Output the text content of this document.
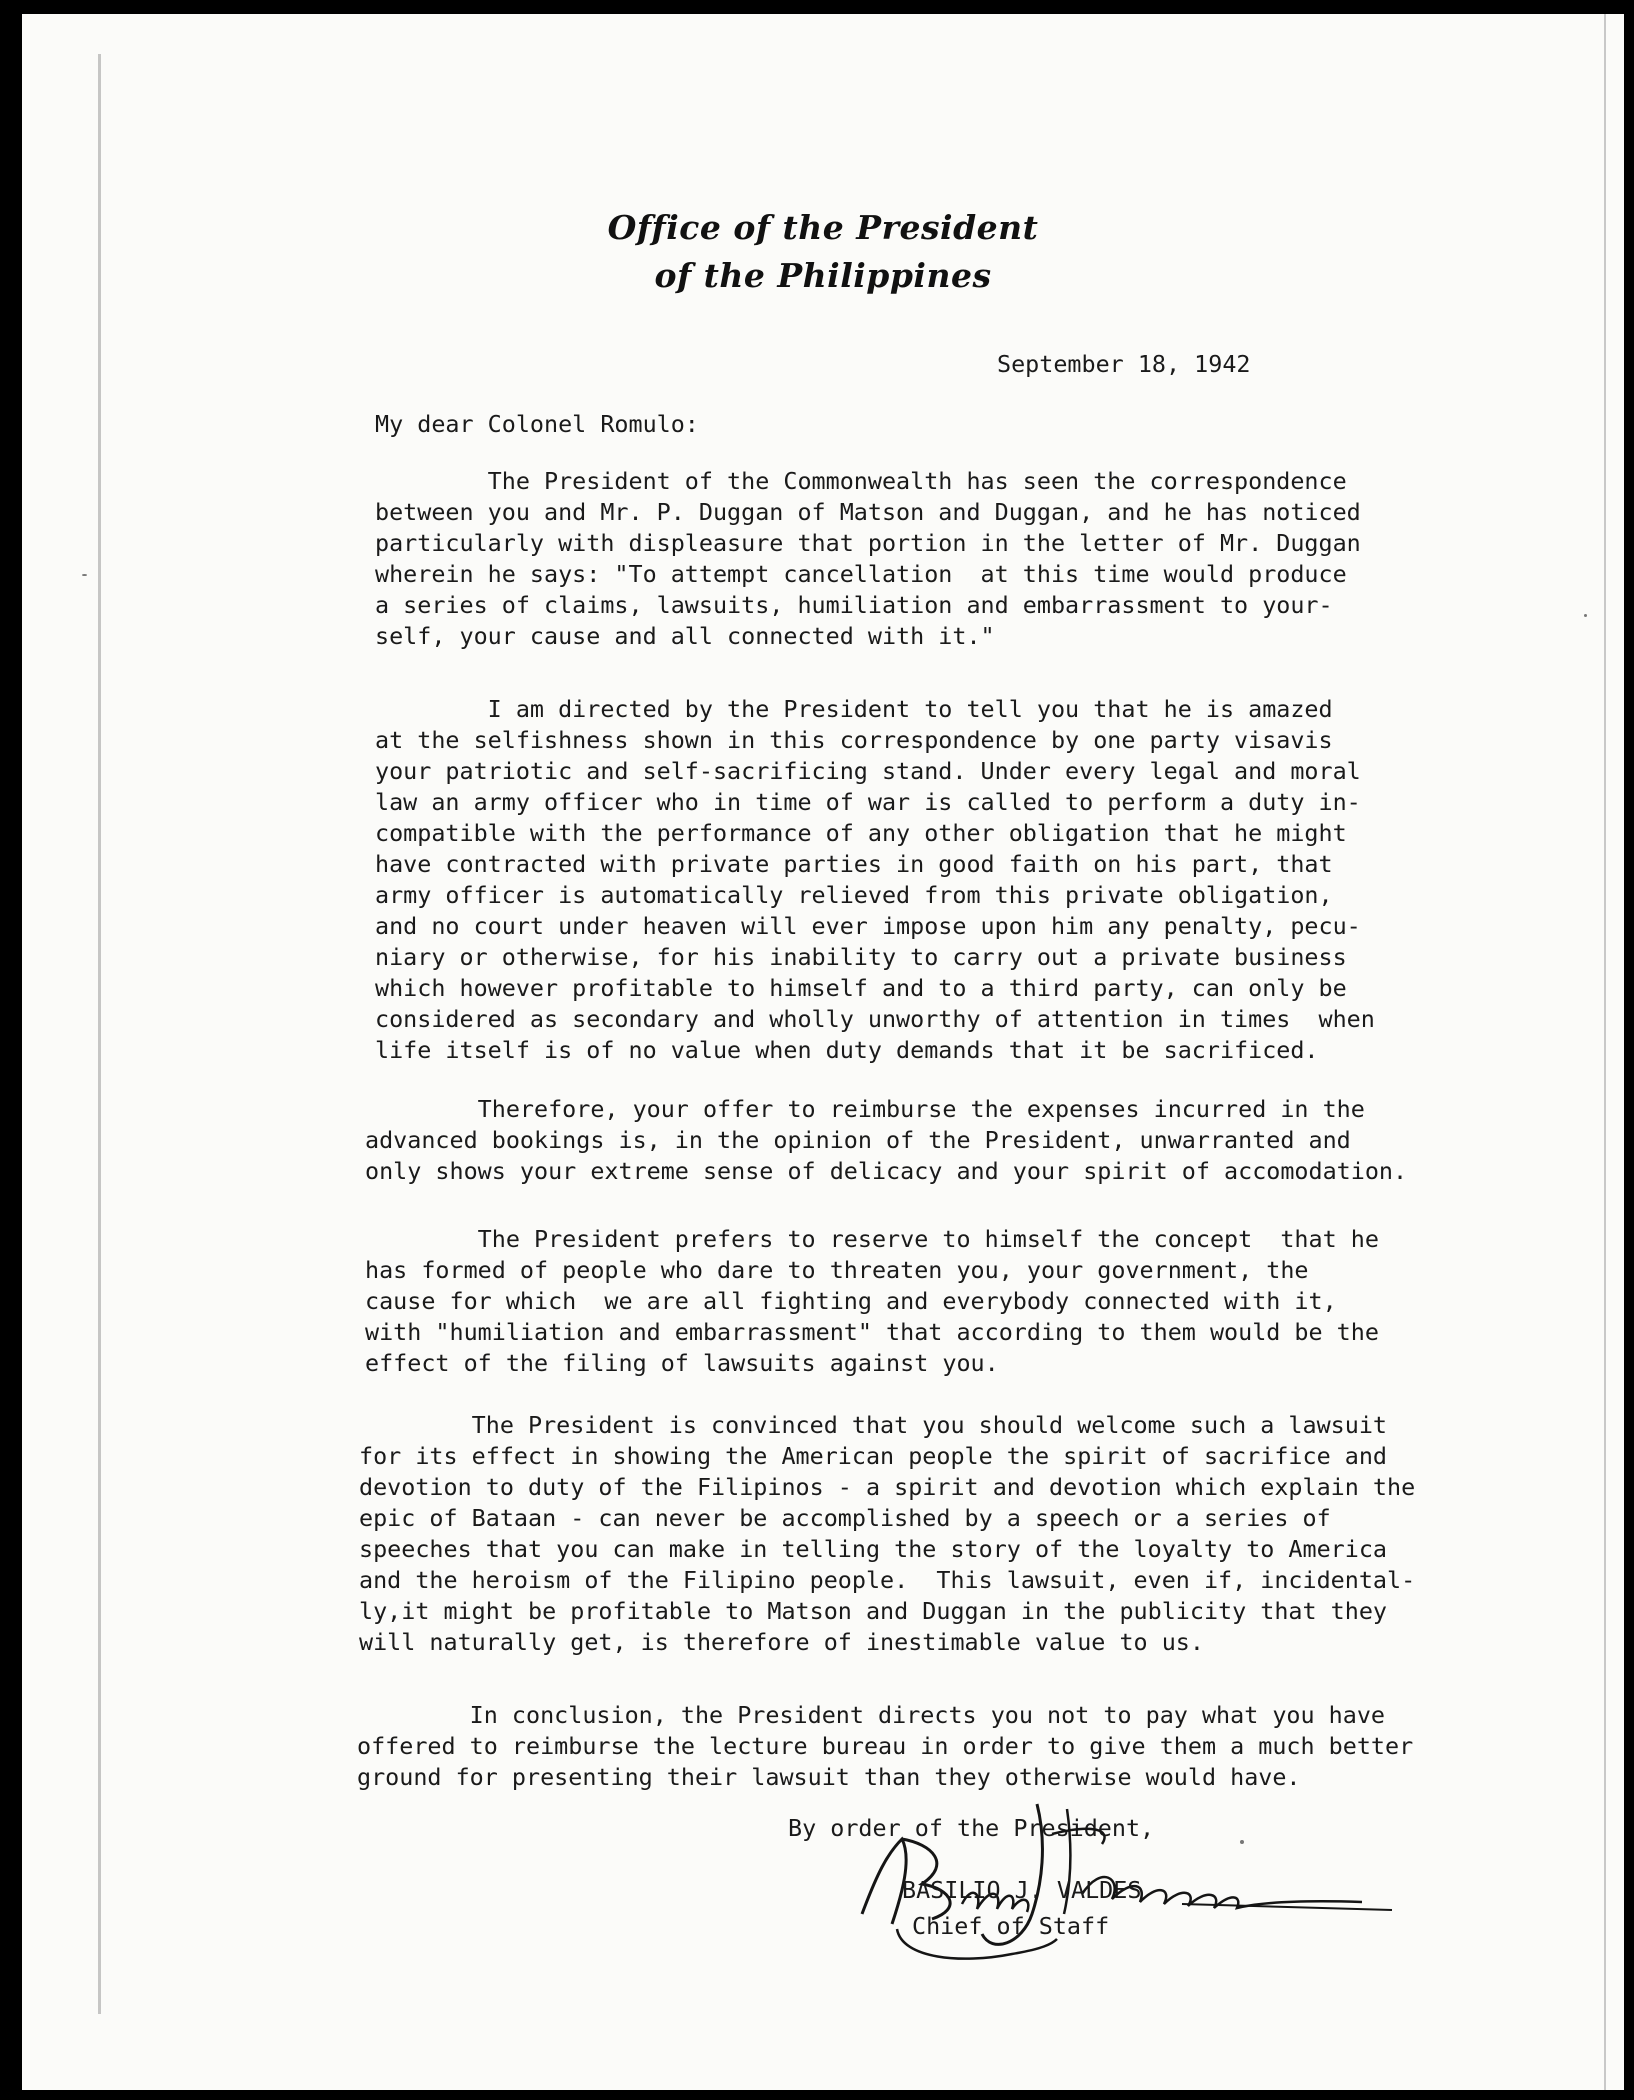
Office of the President
of the Philippines
September 18, 1942
My dear Colonel Romulo:
The President of the Commonwealth has seen the correspondence
between you and Mr. P. Duggan of Matson and Duggan, and he has noticed
particularly with displeasure that portion in the letter of Mr. Duggan
wherein he says: "To attempt cancellation  at this time would produce
a series of claims, lawsuits, humiliation and embarrassment to your-
self, your cause and all connected with it."
I am directed by the President to tell you that he is amazed
at the selfishness shown in this correspondence by one party visavis
your patriotic and self-sacrificing stand. Under every legal and moral
law an army officer who in time of war is called to perform a duty in-
compatible with the performance of any other obligation that he might
have contracted with private parties in good faith on his part, that
army officer is automatically relieved from this private obligation,
and no court under heaven will ever impose upon him any penalty, pecu-
niary or otherwise, for his inability to carry out a private business
which however profitable to himself and to a third party, can only be
considered as secondary and wholly unworthy of attention in times  when
life itself is of no value when duty demands that it be sacrificed.
Therefore, your offer to reimburse the expenses incurred in the
advanced bookings is, in the opinion of the President, unwarranted and
only shows your extreme sense of delicacy and your spirit of accomodation.
The President prefers to reserve to himself the concept  that he
has formed of people who dare to threaten you, your government, the
cause for which  we are all fighting and everybody connected with it,
with "humiliation and embarrassment" that according to them would be the
effect of the filing of lawsuits against you.
The President is convinced that you should welcome such a lawsuit
for its effect in showing the American people the spirit of sacrifice and
devotion to duty of the Filipinos - a spirit and devotion which explain the
epic of Bataan - can never be accomplished by a speech or a series of
speeches that you can make in telling the story of the loyalty to America
and the heroism of the Filipino people.  This lawsuit, even if, incidental-
ly,it might be profitable to Matson and Duggan in the publicity that they
will naturally get, is therefore of inestimable value to us.
In conclusion, the President directs you not to pay what you have
offered to reimburse the lecture bureau in order to give them a much better
ground for presenting their lawsuit than they otherwise would have.
By order of the President,
BASILIO J. VALDES
Chief of Staff
